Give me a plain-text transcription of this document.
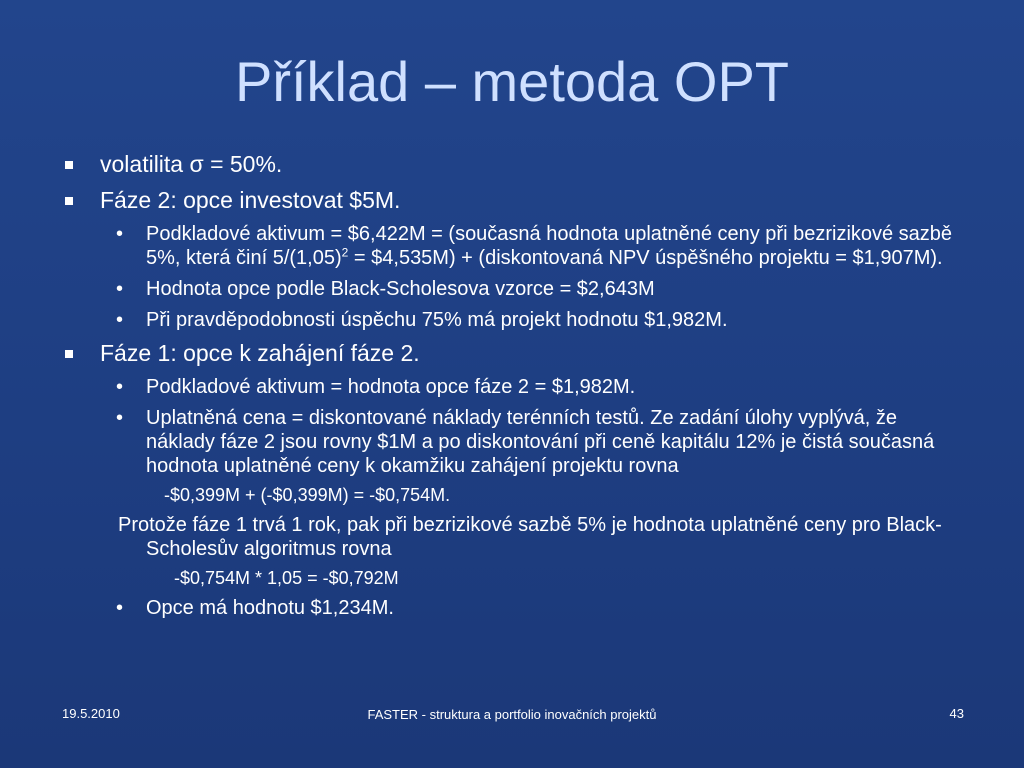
Příklad – metoda OPT
volatilita σ = 50%.
Fáze 2: opce investovat $5M.
• Podkladové aktivum = $6,422M = (současná hodnota uplatněné ceny při bezrizikové sazbě 5%, která činí $5/(1,05)^2$ = $4,535M) + (diskontovaná NPV úspěšného projektu = $1,907M).
• Hodnota opce podle Black-Scholesova vzorce = $2,643M
• Při pravděpodobnosti úspěchu 75% má projekt hodnotu $1,982M.
Fáze 1: opce k zahájení fáze 2.
• Podkladové aktivum = hodnota opce fáze 2 = $1,982M.
• Uplatněná cena = diskontované náklady terénních testů. Ze zadání úlohy vyplývá, že náklady fáze 2 jsou rovny $1M a po diskontování při ceně kapitálu 12% je čistá současná hodnota uplatněné ceny k okamžiku zahájení projektu rovna
-$0,399M + (-$0,399M) = -$0,754M.
Protože fáze 1 trvá 1 rok, pak při bezrizikové sazbě 5% je hodnota uplatněné ceny pro Black-Scholesův algoritmus rovna
-$0,754M * 1,05 = -$0,792M
• Opce má hodnotu $1,234M.
19.5.2010	FASTER - struktura a portfolio inovačních projektů	43
